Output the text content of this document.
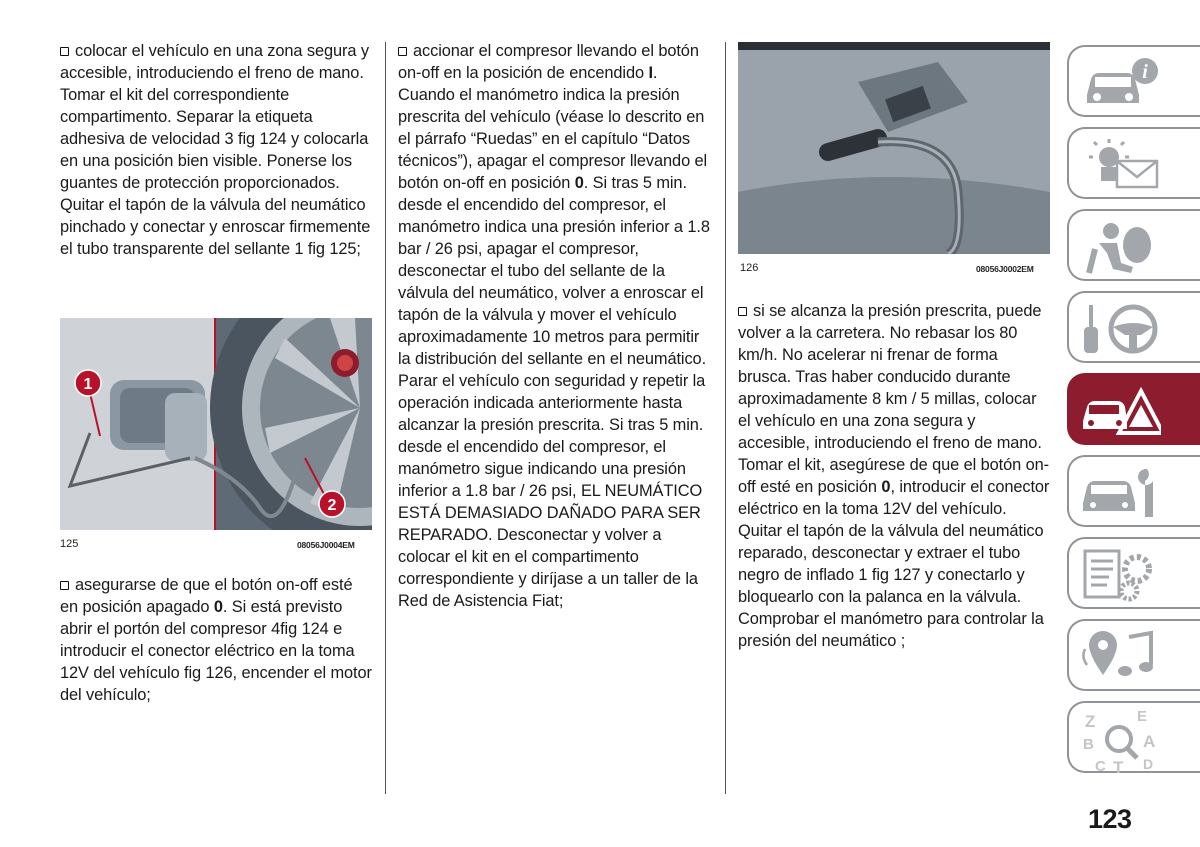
colocar el vehículo en una zona segura y accesible, introduciendo el freno de mano. Tomar el kit del correspondiente compartimento. Separar la etiqueta adhesiva de velocidad 3 fig 124 y colocarla en una posición bien visible. Ponerse los guantes de protección proporcionados. Quitar el tapón de la válvula del neumático pinchado y conectar y enroscar firmemente el tubo transparente del sellante 1 fig 125;

1
2
125	08056J0004EM

asegurarse de que el botón on-off esté en posición apagado 0. Si está previsto abrir el portón del compresor 4fig 124 e introducir el conector eléctrico en la toma 12V del vehículo fig 126, encender el motor del vehículo;

accionar el compresor llevando el botón on-off en la posición de encendido I. Cuando el manómetro indica la presión prescrita del vehículo (véase lo descrito en el párrafo “Ruedas” en el capítulo “Datos técnicos”), apagar el compresor llevando el botón on-off en posición 0. Si tras 5 min. desde el encendido del compresor, el manómetro indica una presión inferior a 1.8 bar / 26 psi, apagar el compresor, desconectar el tubo del sellante de la válvula del neumático, volver a enroscar el tapón de la válvula y mover el vehículo aproximadamente 10 metros para permitir la distribución del sellante en el neumático. Parar el vehículo con seguridad y repetir la operación indicada anteriormente hasta alcanzar la presión prescrita. Si tras 5 min. desde el encendido del compresor, el manómetro sigue indicando una presión inferior a 1.8 bar / 26 psi, EL NEUMÁTICO ESTÁ DEMASIADO DAÑADO PARA SER REPARADO. Desconectar y volver a colocar el kit en el compartimento correspondiente y diríjase a un taller de la Red de Asistencia Fiat;

126	08056J0002EM

si se alcanza la presión prescrita, puede volver a la carretera. No rebasar los 80 km/h. No acelerar ni frenar de forma brusca. Tras haber conducido durante aproximadamente 8 km / 5 millas, colocar el vehículo en una zona segura y accesible, introduciendo el freno de mano. Tomar el kit, asegúrese de que el botón on-off esté en posición 0, introducir el conector eléctrico en la toma 12V del vehículo. Quitar el tapón de la válvula del neumático reparado, desconectar y extraer el tubo negro de inflado 1 fig 127 y conectarlo y bloquearlo con la palanca en la válvula. Comprobar el manómetro para controlar la presión del neumático ;

i
Z	E
B	A
C T D
123
